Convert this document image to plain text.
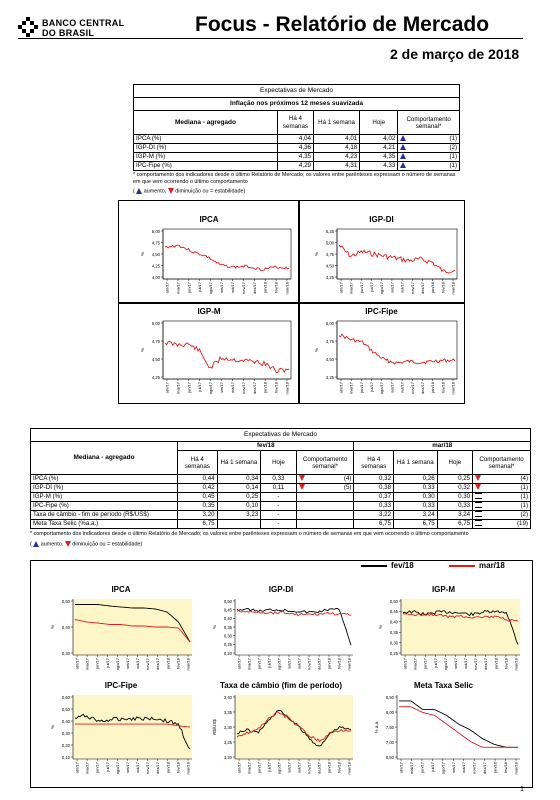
BANCO CENTRAL
DO BRASIL	Focus - Relatório de Mercado
2 de março de 2018
Expectativas de Mercado				
Inflação nos próximos 12 meses suavizada				
Mediana - agregado	Há 4 semanas	Há 1 semana	Hoje	Comportamento semanal*
IPCA (%)	4,04	4,01	4,02	(1)

IGP-DI (%)	4,36	4,18	4,21	(2)

IGP-M (%)	4,35	4,23	4,35	(1)

IPC-Fipe (%)	4,29	4,31	4,33	(1)
* comportamento dos indicadores desde o último Relatório de Mercado; os valores entre parênteses expressam o número de semanas em que vem ocorrendo o último comportamento
(  aumento, diminuição ou = estabilidade)
IPCA
5,00
4,75
4,50
4,25
4,00
%
abr/17 mai/17 jun/17 jul/17 ago/17 set/17 out/17 nov/17 dez/17 jan/18 fev/18 mar/18
IGP-DI
5,25
5,00
4,75
4,50
4,25
%
abr/17 mai/17 jun/17 jul/17 ago/17 set/17 out/17 nov/17 dez/17 jan/18 fev/18 mar/18
IGP-M
5,00
4,75
4,50
4,25
%
abr/17 mai/17 jun/17 jul/17 ago/17 set/17 out/17 nov/17 dez/17 jan/18 fev/18 mar/18
IPC-Fipe
5,00
4,75
4,50
4,25
%
abr/17 mai/17 jun/17 jul/17 ago/17 set/17 out/17 nov/17 dez/17 jan/18 fev/18 mar/18
Expectativas de Mercado								
Mediana - agregado	fev/18				mar/18			
	Há 4 semanas	Há 1 semana	Hoje	Comportamento semanal*	Há 4 semanas	Há 1 semana	Hoje	Comportamento semanal*
IPCA (%)	0,44	0,34	0,33	(4)	0,32	0,26	0,25	(4)

IGP-DI (%)	0,42	0,14	0,11	(5)	0,38	0,33	0,32	(1)

IGP-M (%)	0,45	0,25	-		0,37	0,30	0,30	(1)

IPC-Fipe (%)	0,35	0,10	-		0,33	0,33	0,33	(1)

Taxa de câmbio - fim de período (R$/US$)	3,20	3,23	-		3,22	3,24	3,24	(2)

Meta Taxa Selic (%a.a.)	6,75		-		6,75	6,75	6,75	(19)
* comportamento dos indicadores desde o último Relatório de Mercado; os valores entre parênteses expressam o número de semanas em que vem ocorrendo o último comportamento
(  aumento, diminuição ou = estabilidade)
fev/18	mar/18
IPCA	IGP-DI	IGP-M
0,50
0,40
0,30
%
abr/17 mai/17 jun/17 jul/17 ago/17 set/17 out/17 nov/17 dez/17 jan/18 fev/18 mar/18
0,50
0,45
0,40
0,35
0,30
0,25
0,20
%
abr/17 mai/17 jun/17 jul/17 ago/17 set/17 out/17 nov/17 dez/17 jan/18 fev/18 mar/18
0,50
0,45
0,40
0,35
0,30
0,25
%
abr/17 mai/17 jun/17 jul/17 ago/17 set/17 out/17 nov/17 dez/17 jan/18 fev/18 mar/18
IPC-Fipe	Taxa de câmbio (fim de período)	Meta Taxa Selic
0,60
0,50
0,40
0,30
0,20
0,10
%
abr/17 mai/17 jun/17 jul/17 ago/17 set/17 out/17 nov/17 dez/17 jan/18 fev/18 mar/18
3,40
3,35
3,30
3,25
3,20
R$/US$
abr/17 mai/17 jun/17 jul/17 ago/17 set/17 out/17 nov/17 dez/17 jan/18 fev/18 mar/18
8,50
8,00
7,50
7,00
6,50
% a.a.
abr/17 mai/17 jun/17 jul/17 ago/17 set/17 out/17 nov/17 dez/17 jan/18 fev/18 mar/18
1
